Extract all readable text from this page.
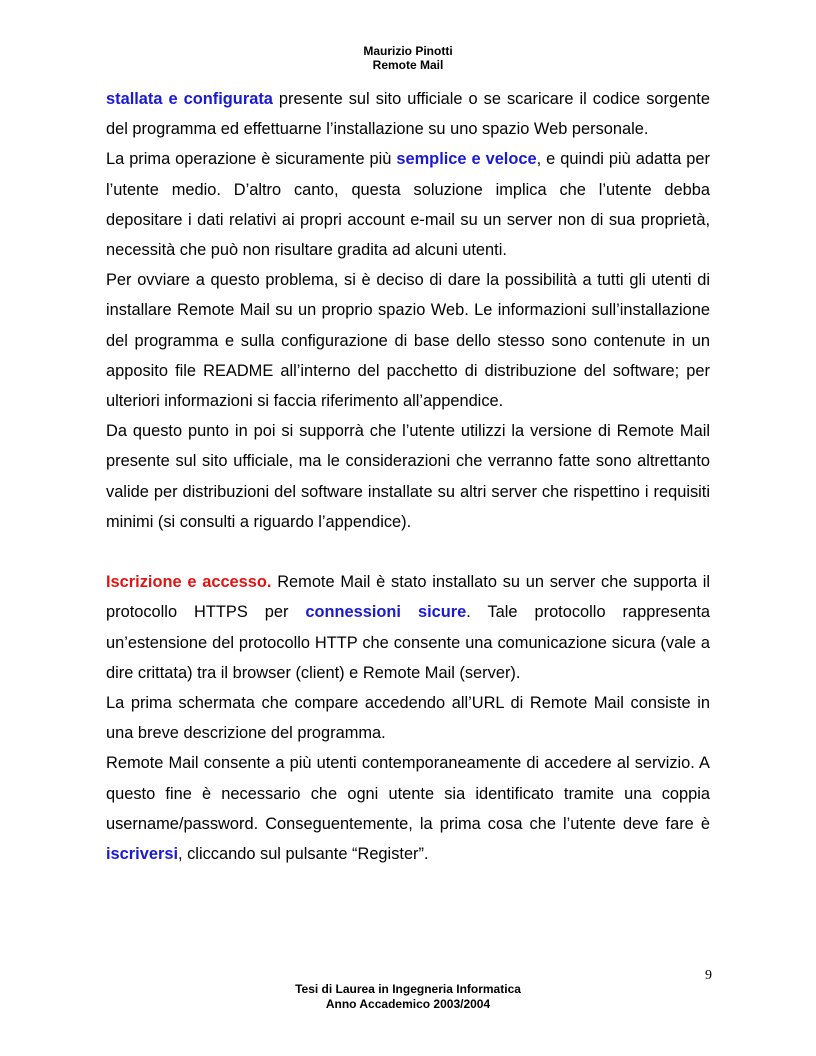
Maurizio Pinotti
Remote Mail

stallata e configurata presente sul sito ufficiale o se scaricare il codice sorgente del programma ed effettuarne l’installazione su uno spazio Web personale.

La prima operazione è sicuramente più semplice e veloce, e quindi più adatta per l’utente medio. D’altro canto, questa soluzione implica che l’utente debba depositare i dati relativi ai propri account e-mail su un server non di sua proprietà, necessità che può non risultare gradita ad alcuni utenti.

Per ovviare a questo problema, si è deciso di dare la possibilità a tutti gli utenti di installare Remote Mail su un proprio spazio Web. Le informazioni sull’installazione del programma e sulla configurazione di base dello stesso sono contenute in un apposito file README all’interno del pacchetto di distribuzione del software; per ulteriori informazioni si faccia riferimento all’appendice.

Da questo punto in poi si supporrà che l’utente utilizzi la versione di Remote Mail presente sul sito ufficiale, ma le considerazioni che verranno fatte sono altrettanto valide per distribuzioni del software installate su altri server che rispettino i requisiti minimi (si consulti a riguardo l’appendice).

Iscrizione e accesso. Remote Mail è stato installato su un server che supporta il protocollo HTTPS per connessioni sicure. Tale protocollo rappresenta un’estensione del protocollo HTTP che consente una comunicazione sicura (vale a dire crittata) tra il browser (client) e Remote Mail (server).

La prima schermata che compare accedendo all’URL di Remote Mail consiste in una breve descrizione del programma.

Remote Mail consente a più utenti contemporaneamente di accedere al servizio. A questo fine è necessario che ogni utente sia identificato tramite una coppia username/password. Conseguentemente, la prima cosa che l’utente deve fare è iscriversi, cliccando sul pulsante “Register”.

9
Tesi di Laurea in Ingegneria Informatica
Anno Accademico 2003/2004
